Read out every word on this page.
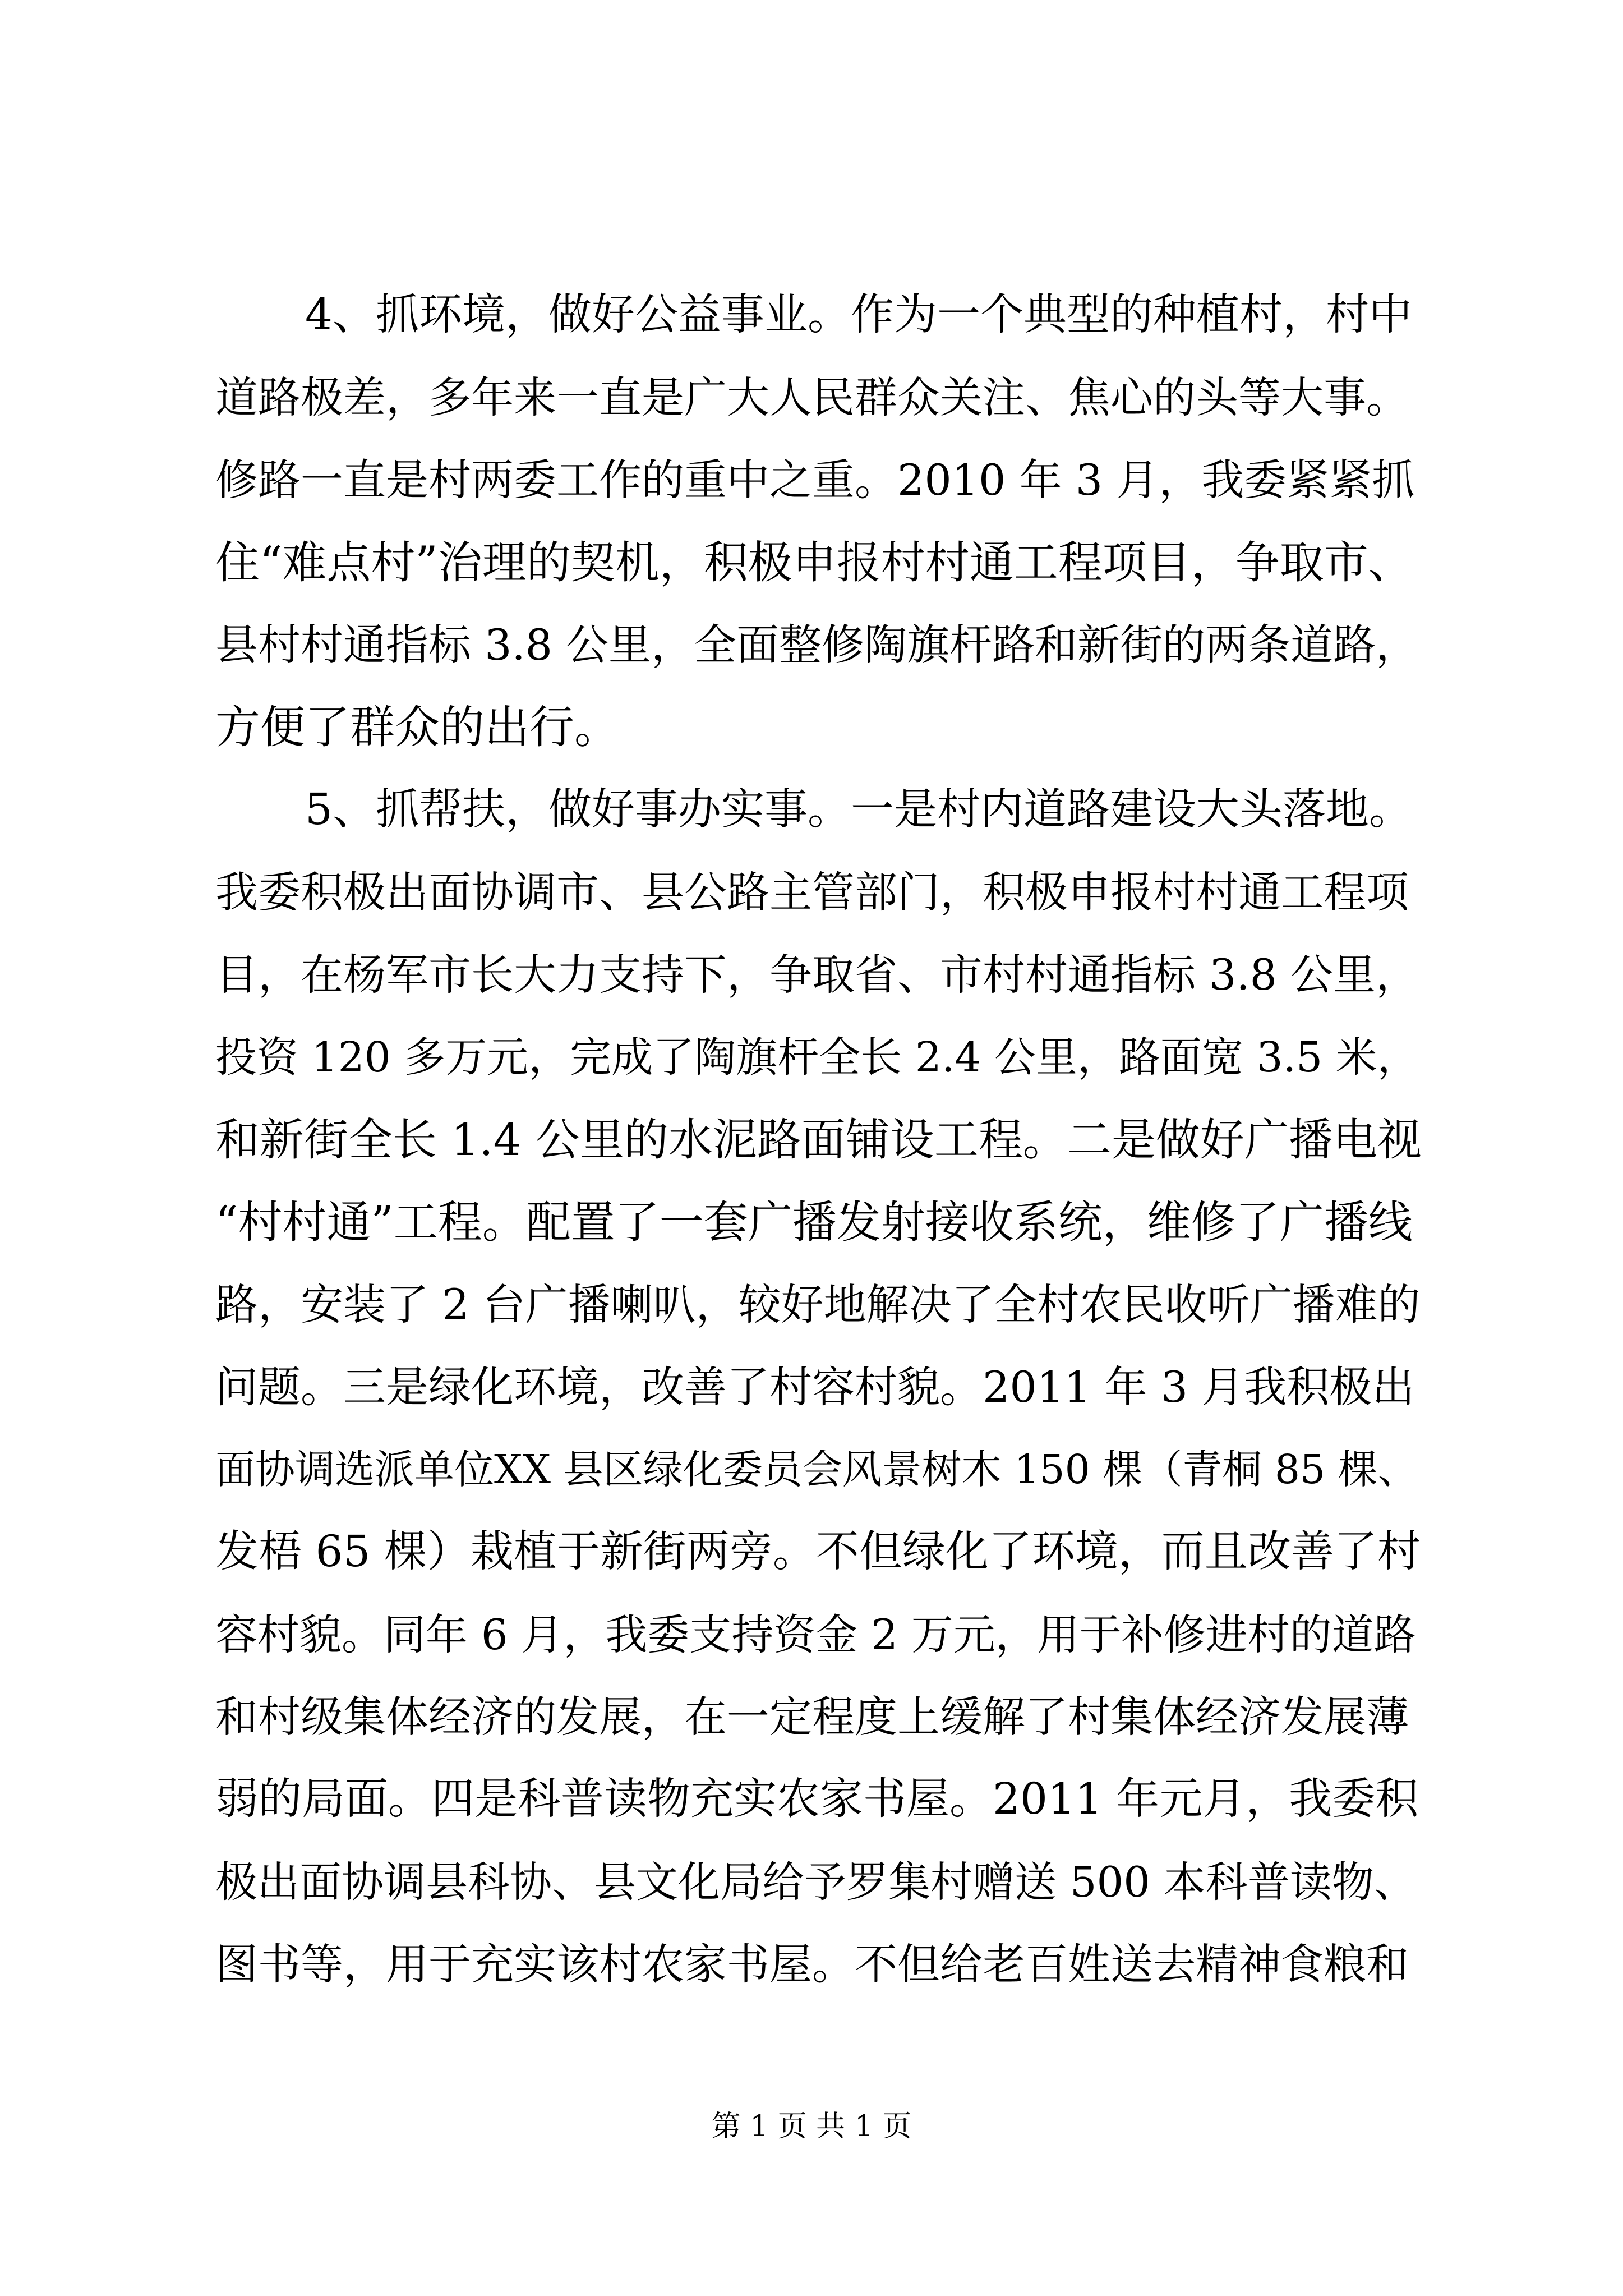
4、抓环境，做好公益事业。作为一个典型的种植村，村中
道路极差，多年来一直是广大人民群众关注、焦心的头等大事。
修路一直是村两委工作的重中之重。2010 年 3 月，我委紧紧抓
住“难点村”治理的契机，积极申报村村通工程项目，争取市、
县村村通指标 3.8 公里，全面整修陶旗杆路和新街的两条道路，
方便了群众的出行。
5、抓帮扶，做好事办实事。一是村内道路建设大头落地。
我委积极出面协调市、县公路主管部门，积极申报村村通工程项
目，在杨军市长大力支持下，争取省、市村村通指标 3.8 公里，
投资 120 多万元，完成了陶旗杆全长 2.4 公里，路面宽 3.5 米，
和新街全长 1.4 公里的水泥路面铺设工程。二是做好广播电视
“村村通”工程。配置了一套广播发射接收系统，维修了广播线
路，安装了 2 台广播喇叭，较好地解决了全村农民收听广播难的
问题。三是绿化环境，改善了村容村貌。2011 年 3 月我积极出
面协调选派单位XX 县区绿化委员会风景树木 150 棵（青桐 85 棵、
发梧 65 棵）栽植于新街两旁。不但绿化了环境，而且改善了村
容村貌。同年 6 月，我委支持资金 2 万元，用于补修进村的道路
和村级集体经济的发展，在一定程度上缓解了村集体经济发展薄
弱的局面。四是科普读物充实农家书屋。2011 年元月，我委积
极出面协调县科协、县文化局给予罗集村赠送 500 本科普读物、
图书等，用于充实该村农家书屋。不但给老百姓送去精神食粮和
第 1 页 共 1 页
